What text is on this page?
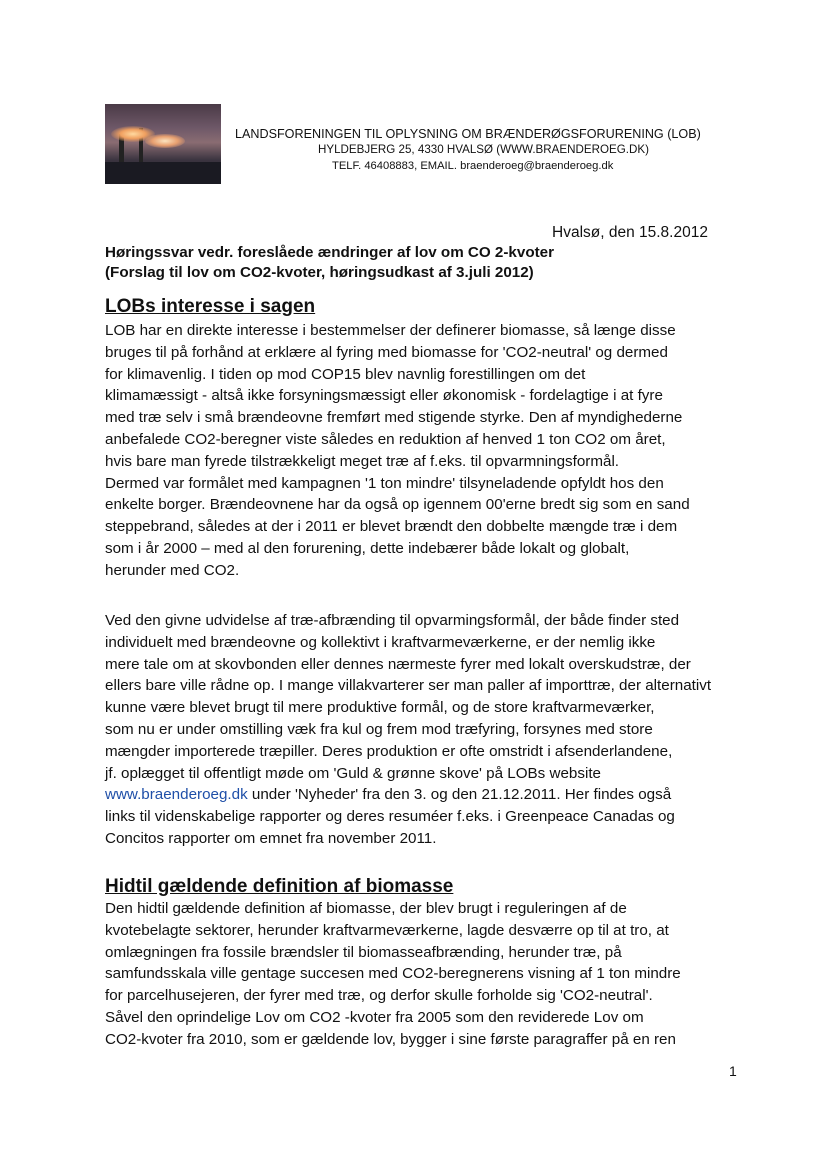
LANDSFORENINGEN TIL OPLYSNING OM BRÆNDERØGSFORURENING (LOB)
HYLDEBJERG 25, 4330 HVALSØ (WWW.BRAENDEROEG.DK)
TELF. 46408883, EMAIL. braenderoeg@braenderoeg.dk
Hvalsø, den 15.8.2012
Høringssvar vedr. foreslåede ændringer af lov om CO 2-kvoter
(Forslag til lov om CO2-kvoter, høringsudkast af 3.juli 2012)
LOBs interesse i sagen
LOB har en direkte interesse i bestemmelser der definerer biomasse, så længe disse
bruges til på forhånd at erklære al fyring med biomasse for 'CO2-neutral' og dermed
for klimavenlig. I tiden op mod COP15 blev navnlig forestillingen om det
klimamæssigt - altså ikke forsyningsmæssigt eller økonomisk - fordelagtige i at fyre
med træ selv i små brændeovne fremført med stigende styrke. Den af myndighederne
anbefalede CO2-beregner viste således en reduktion af henved 1 ton CO2 om året,
hvis bare man fyrede tilstrækkeligt meget træ af f.eks. til opvarmningsformål.
Dermed var formålet med kampagnen '1 ton mindre' tilsyneladende opfyldt hos den
enkelte borger. Brændeovnene har da også op igennem 00'erne bredt sig som en sand
steppebrand, således at der i 2011 er blevet brændt den dobbelte mængde træ i dem
som i år 2000 – med al den forurening, dette indebærer både lokalt og globalt,
herunder med CO2.
Ved den givne udvidelse af træ-afbrænding til opvarmingsformål, der både finder sted
individuelt med brændeovne og kollektivt i kraftvarmeværkerne, er der nemlig ikke
mere tale om at skovbonden eller dennes nærmeste fyrer med lokalt overskudstræ, der
ellers bare ville rådne op. I mange villakvarterer ser man paller af importtræ, der alternativt
kunne være blevet brugt til mere produktive formål, og de store kraftvarmeværker,
som nu er under omstilling væk fra kul og frem mod træfyring, forsynes med store
mængder importerede træpiller. Deres produktion er ofte omstridt i afsenderlandene,
jf. oplægget til offentligt møde om 'Guld & grønne skove' på LOBs website
www.braenderoeg.dk under 'Nyheder' fra den 3. og den 21.12.2011. Her findes også
links til videnskabelige rapporter og deres resuméer f.eks. i Greenpeace Canadas og
Concitos rapporter om emnet fra november 2011.
Hidtil gældende definition af biomasse
Den hidtil gældende definition af biomasse, der blev brugt i reguleringen af de
kvotebelagte sektorer, herunder kraftvarmeværkerne, lagde desværre op til at tro, at
omlægningen fra fossile brændsler til biomasseafbrænding, herunder træ, på
samfundsskala ville gentage succesen med CO2-beregnerens visning af 1 ton mindre
for parcelhusejeren, der fyrer med træ, og derfor skulle forholde sig 'CO2-neutral'.
Såvel den oprindelige Lov om CO2 -kvoter fra 2005 som den reviderede Lov om
CO2-kvoter fra 2010, som er gældende lov, bygger i sine første paragraffer på en ren
1
